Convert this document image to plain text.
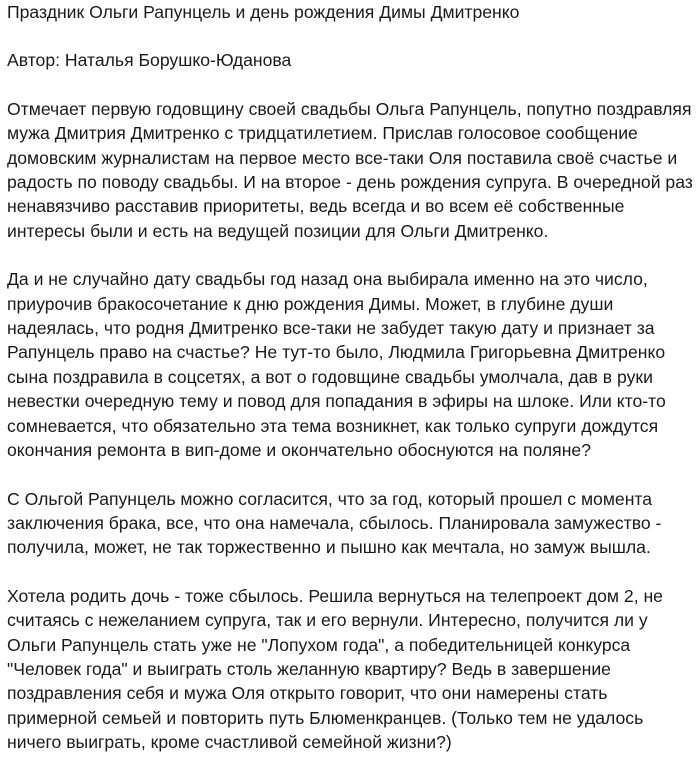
Праздник Ольги Рапунцель и день рождения Димы Дмитренко

Автор: Наталья Борушко-Юданова

Отмечает первую годовщину своей свадьбы Ольга Рапунцель, попутно поздравляя мужа Дмитрия Дмитренко с тридцатилетием. Прислав голосовое сообщение домовским журналистам на первое место все-таки Оля поставила своё счастье и радость по поводу свадьбы. И на второе - день рождения супруга. В очередной раз ненавязчиво расставив приоритеты, ведь всегда и во всем её собственные интересы были и есть на ведущей позиции для Ольги Дмитренко.

Да и не случайно дату свадьбы год назад она выбирала именно на это число, приурочив бракосочетание к дню рождения Димы. Может, в глубине души надеялась, что родня Дмитренко все-таки не забудет такую дату и признает за Рапунцель право на счастье? Не тут-то было, Людмила Григорьевна Дмитренко сына поздравила в соцсетях, а вот о годовщине свадьбы умолчала, дав в руки невестки очередную тему и повод для попадания в эфиры на шлоке. Или кто-то сомневается, что обязательно эта тема возникнет, как только супруги дождутся окончания ремонта в вип-доме и окончательно обоснуются на поляне?

С Ольгой Рапунцель можно согласится, что за год, который прошел с момента заключения брака, все, что она намечала, сбылось. Планировала замужество - получила, может, не так торжественно и пышно как мечтала, но замуж вышла.

Хотела родить дочь - тоже сбылось. Решила вернуться на телепроект дом 2, не считаясь с нежеланием супруга, так и его вернули. Интересно, получится ли у Ольги Рапунцель стать уже не "Лопухом года", а победительницей конкурса "Человек года" и выиграть столь желанную квартиру? Ведь в завершение поздравления себя и мужа Оля открыто говорит, что они намерены стать примерной семьей и повторить путь Блюменкранцев. (Только тем не удалось ничего выиграть, кроме счастливой семейной жизни?)
